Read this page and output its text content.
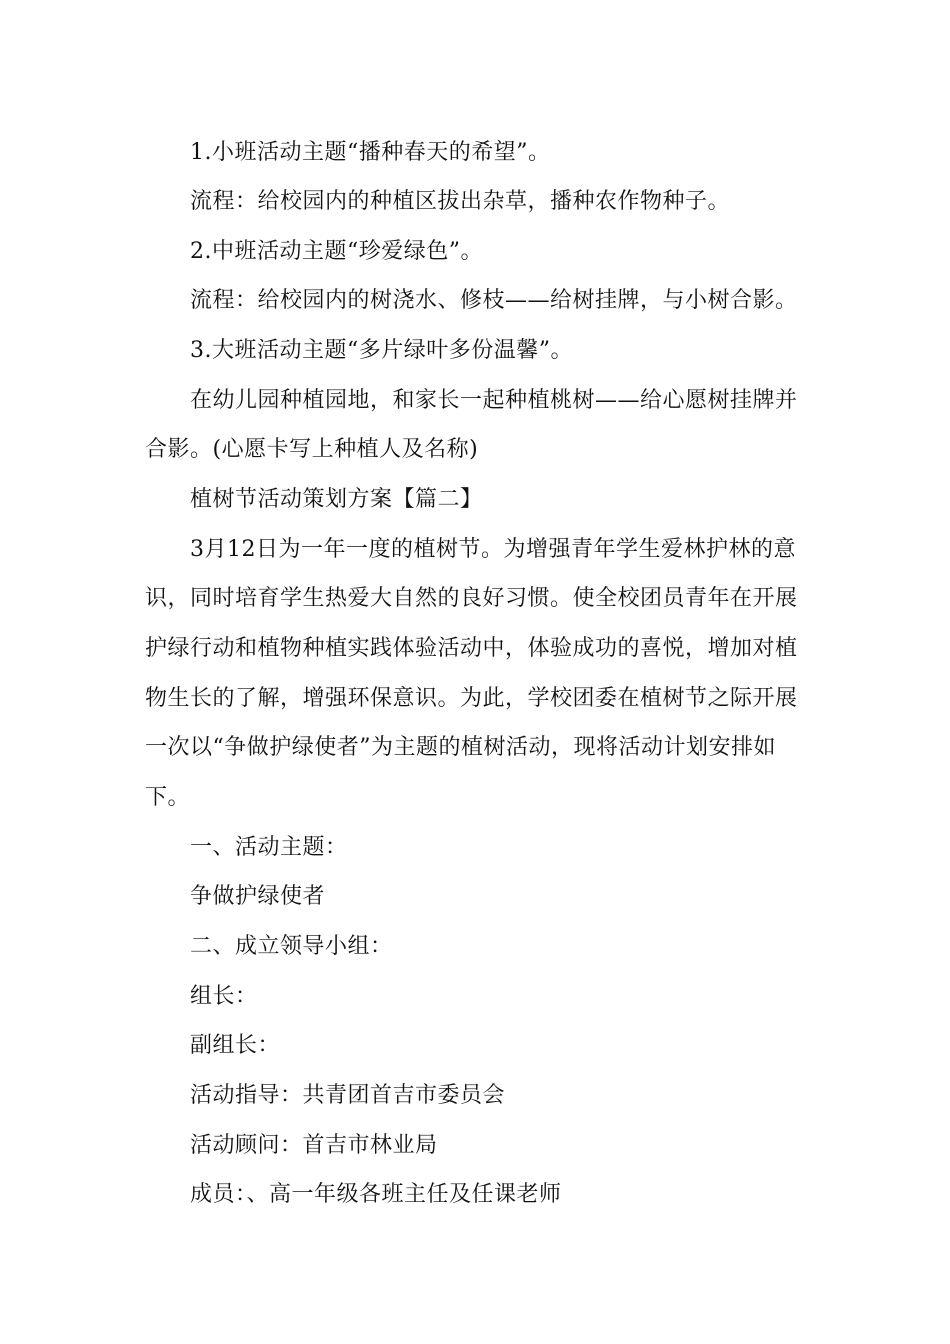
1.小班活动主题“播种春天的希望”。
流程：给校园内的种植区拔出杂草，播种农作物种子。
2.中班活动主题“珍爱绿色”。
流程：给校园内的树浇水、修枝——给树挂牌，与小树合影。
3.大班活动主题“多片绿叶多份温馨”。
在幼儿园种植园地，和家长一起种植桃树——给心愿树挂牌并
合影。(心愿卡写上种植人及名称)
植树节活动策划方案【篇二】
3月12日为一年一度的植树节。为增强青年学生爱林护林的意
识，同时培育学生热爱大自然的良好习惯。使全校团员青年在开展
护绿行动和植物种植实践体验活动中，体验成功的喜悦，增加对植
物生长的了解，增强环保意识。为此，学校团委在植树节之际开展
一次以“争做护绿使者”为主题的植树活动，现将活动计划安排如
下。
一、活动主题：
争做护绿使者
二、成立领导小组：
组长：
副组长：
活动指导：共青团首吉市委员会
活动顾问：首吉市林业局
成员：、高一年级各班主任及任课老师
